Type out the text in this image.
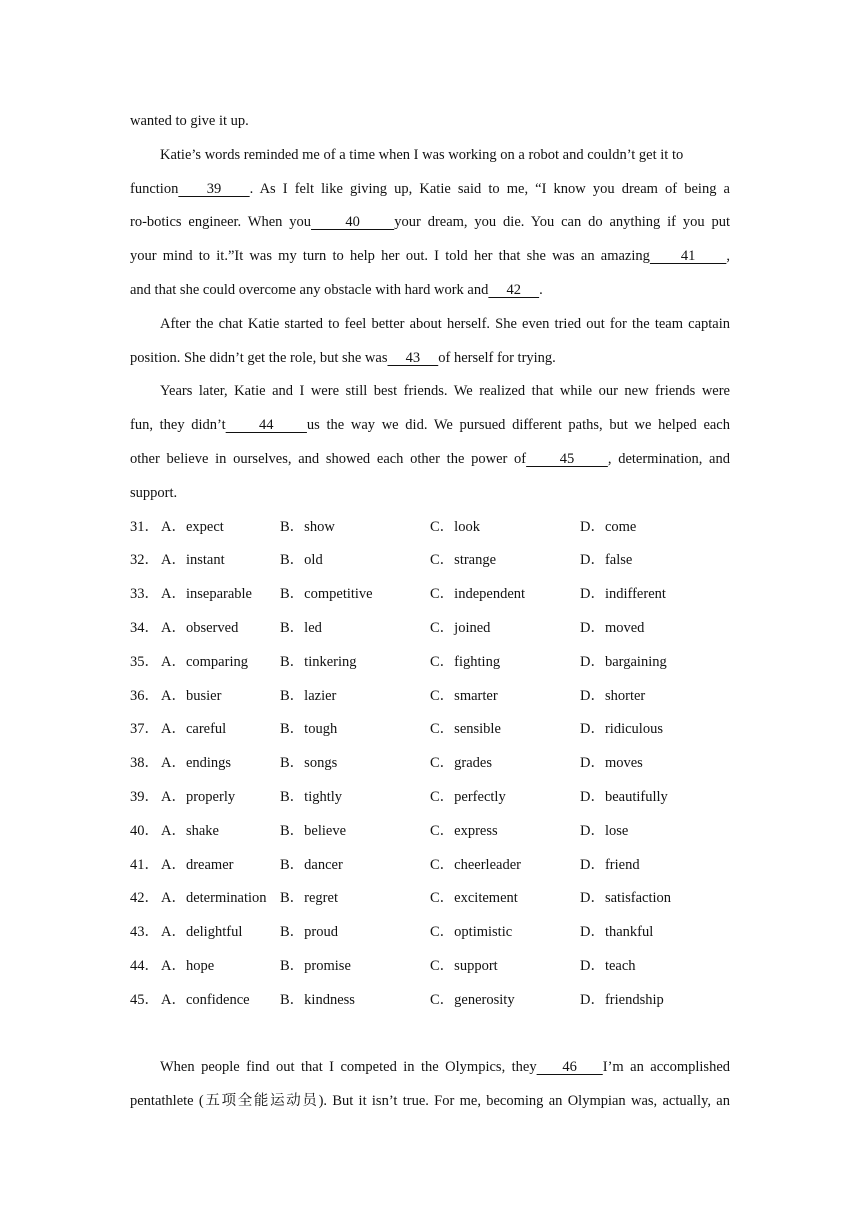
wanted to give it up.
Katie’s words reminded me of a time when I was working on a robot and couldn’t get it to
function    39    . As I felt like giving up, Katie said to me, “I know you dream of being a
ro-botics engineer. When you     40     your dream, you die. You can do anything if you put
your mind to it.”It was my turn to help her out. I told her that she was an amazing     41     ,
and that she could overcome any obstacle with hard work and     42     .
After the chat Katie started to feel better about herself. She even tried out for the team captain
position. She didn’t get the role, but she was     43     of herself for trying.
Years later, Katie and I were still best friends. We realized that while our new friends were
fun, they didn’t     44     us the way we did. We pursued different paths, but we helped each
other believe in ourselves, and showed each other the power of     45     , determination, and
support.
31． A．expect	B．show	C．look	D．come
32． A．instant	B．old	C．strange	D．false
33． A．inseparable B．competitive	C．independent	D．indifferent
34． A．observed	B．led	C．joined	D．moved
35． A．comparing B．tinkering	C．fighting	D．bargaining
36． A．busier	B．lazier	C．smarter	D．shorter
37． A．careful	B．tough	C．sensible	D．ridiculous
38． A．endings	B．songs	C．grades	D．moves
39． A．properly	B．tightly	C．perfectly	D．beautifully
40． A．shake	B．believe	C．express	D．lose
41． A．dreamer	B．dancer	C．cheerleader	D．friend
42． A．determination B．regret	C．excitement	D．satisfaction
43． A．delightful	B．proud	C．optimistic	D．thankful
44． A．hope	B．promise	C．support	D．teach
45． A．confidence B．kindness	C．generosity	D．friendship
When people find out that I competed in the Olympics, they    46    I’m an accomplished
pentathlete (五项全能运动员). But it isn’t true. For me, becoming an Olympian was, actually, an
